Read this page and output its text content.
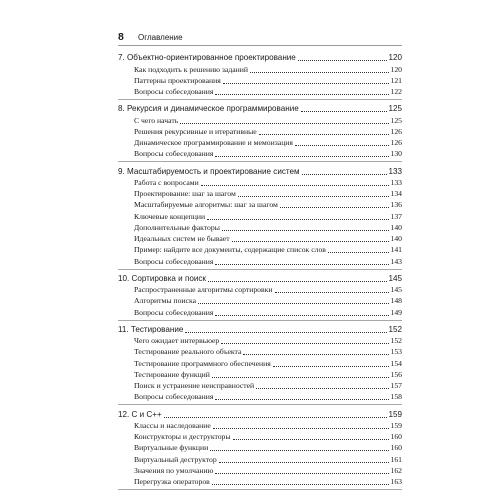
8 Оглавление
7. Объектно-ориентированное проектирование	120
Как подходить к решению заданий	120
Паттерны проектирования	121
Вопросы собеседования	122
8. Рекурсия и динамическое программирование	125
С чего начать	125
Решения рекурсивные и итеративные	126
Динамическое программирование и мемоизация	126
Вопросы собеседования	130
9. Масштабируемость и проектирование систем	133
Работа с вопросами	133
Проектирование: шаг за шагом	134
Масштабируемые алгоритмы: шаг за шагом	136
Ключевые концепции	137
Дополнительные факторы	140
Идеальных систем не бывает	140
Пример: найдите все документы, содержащие список слов	141
Вопросы собеседования	143
10. Сортировка и поиск	145
Распространенные алгоритмы сортировки	145
Алгоритмы поиска	148
Вопросы собеседования	149
11. Тестирование	152
Чего ожидает интервьюер	152
Тестирование реального объекта	153
Тестирование программного обеспечения	154
Тестирование функций	156
Поиск и устранение неисправностей	157
Вопросы собеседования	158
12. C и C++	159
Классы и наследование	159
Конструкторы и деструкторы	160
Виртуальные функции	160
Виртуальный деструктор	161
Значения по умолчанию	162
Перегрузка операторов	163
